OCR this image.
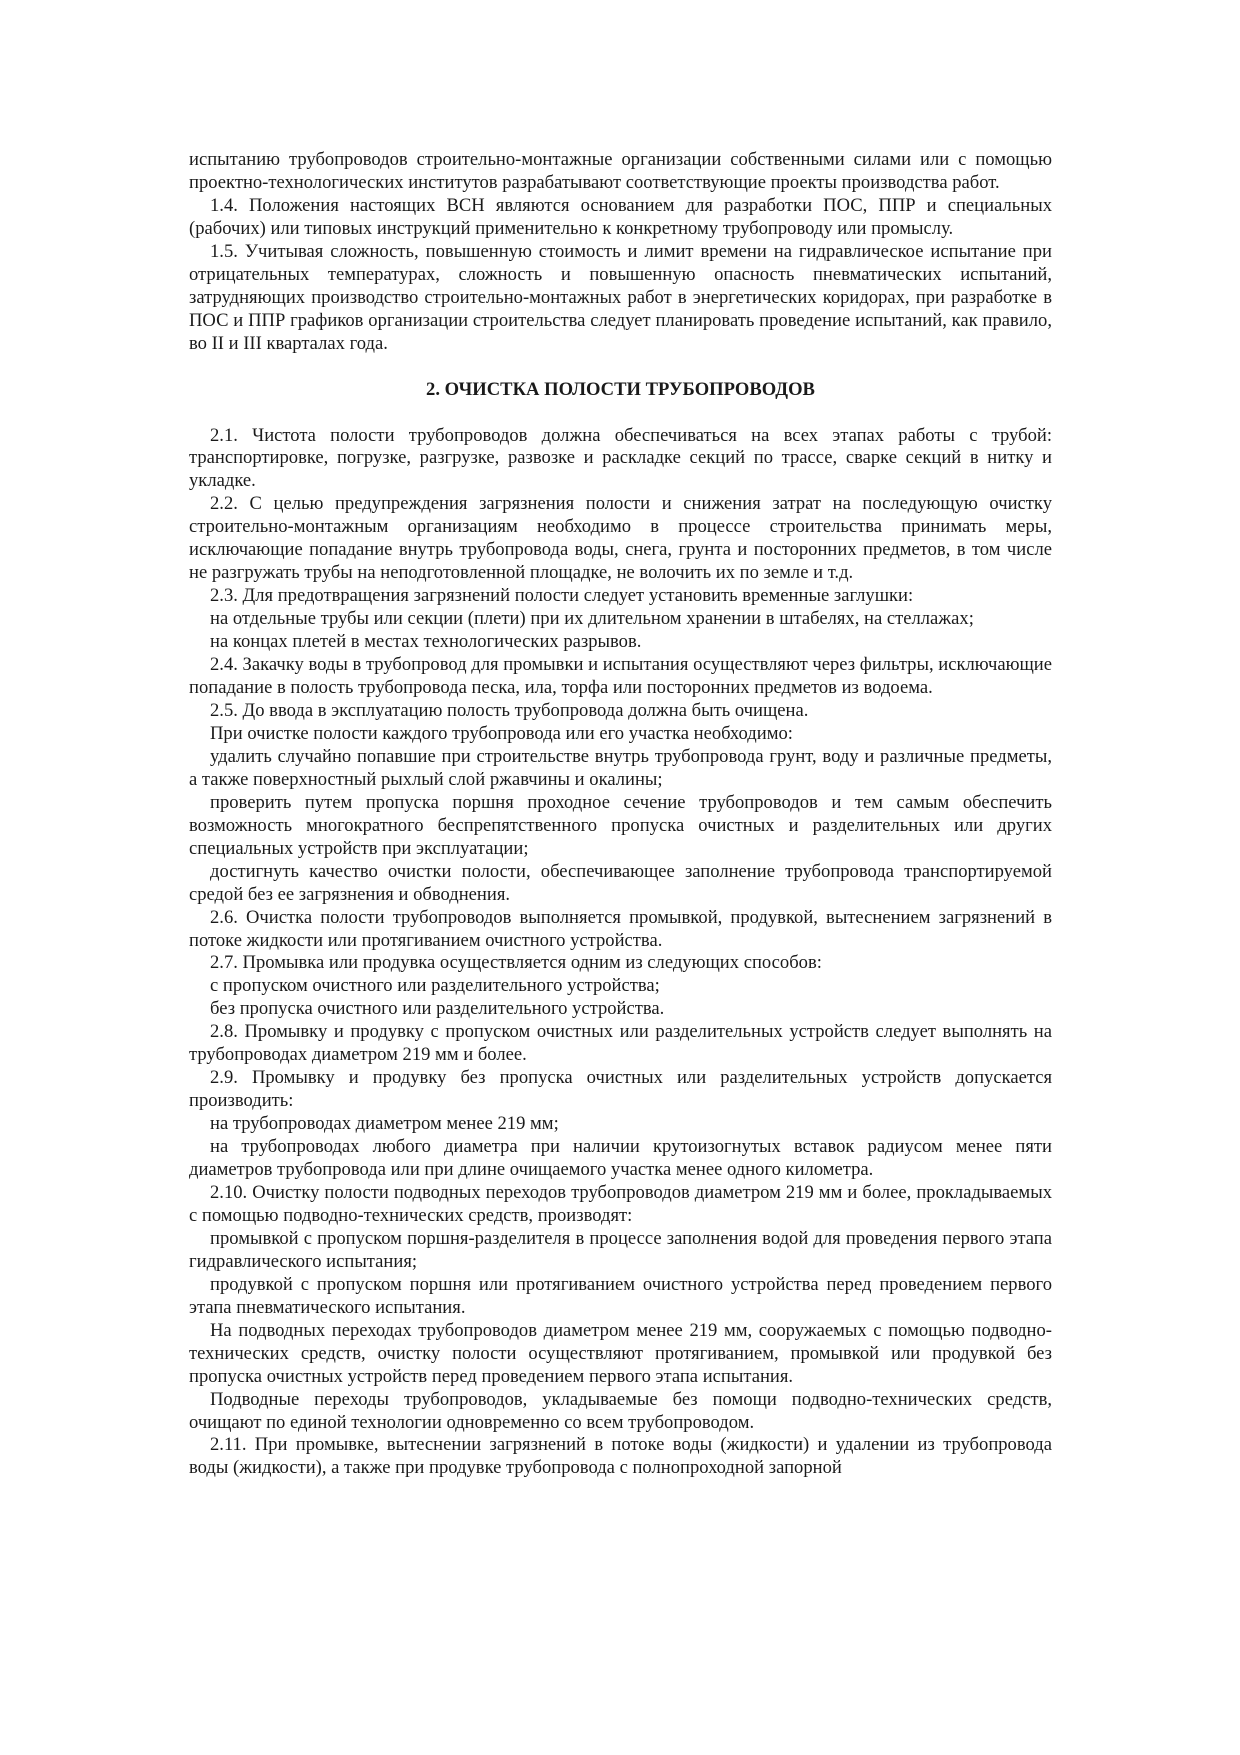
испытанию трубопроводов строительно-монтажные организации собственными силами или с помощью проектно-технологических институтов разрабатывают соответствующие проекты производства работ.

1.4. Положения настоящих ВСН являются основанием для разработки ПОС, ППР и специальных (рабочих) или типовых инструкций применительно к конкретному трубопроводу или промыслу.

1.5. Учитывая сложность, повышенную стоимость и лимит времени на гидравлическое испытание при отрицательных температурах, сложность и повышенную опасность пневматических испытаний, затрудняющих производство строительно-монтажных работ в энергетических коридорах, при разработке в ПОС и ППР графиков организации строительства следует планировать проведение испытаний, как правило, во II и III кварталах года.

2. ОЧИСТКА ПОЛОСТИ ТРУБОПРОВОДОВ

2.1. Чистота полости трубопроводов должна обеспечиваться на всех этапах работы с трубой: транспортировке, погрузке, разгрузке, развозке и раскладке секций по трассе, сварке секций в нитку и укладке.

2.2. С целью предупреждения загрязнения полости и снижения затрат на последующую очистку строительно-монтажным организациям необходимо в процессе строительства принимать меры, исключающие попадание внутрь трубопровода воды, снега, грунта и посторонних предметов, в том числе не разгружать трубы на неподготовленной площадке, не волочить их по земле и т.д.

2.3. Для предотвращения загрязнений полости следует установить временные заглушки:

на отдельные трубы или секции (плети) при их длительном хранении в штабелях, на стеллажах;

на концах плетей в местах технологических разрывов.

2.4. Закачку воды в трубопровод для промывки и испытания осуществляют через фильтры, исключающие попадание в полость трубопровода песка, ила, торфа или посторонних предметов из водоема.

2.5. До ввода в эксплуатацию полость трубопровода должна быть очищена.

При очистке полости каждого трубопровода или его участка необходимо:

удалить случайно попавшие при строительстве внутрь трубопровода грунт, воду и различные предметы, а также поверхностный рыхлый слой ржавчины и окалины;

проверить путем пропуска поршня проходное сечение трубопроводов и тем самым обеспечить возможность многократного беспрепятственного пропуска очистных и разделительных или других специальных устройств при эксплуатации;

достигнуть качество очистки полости, обеспечивающее заполнение трубопровода транспортируемой средой без ее загрязнения и обводнения.

2.6. Очистка полости трубопроводов выполняется промывкой, продувкой, вытеснением загрязнений в потоке жидкости или протягиванием очистного устройства.

2.7. Промывка или продувка осуществляется одним из следующих способов:

с пропуском очистного или разделительного устройства;

без пропуска очистного или разделительного устройства.

2.8. Промывку и продувку с пропуском очистных или разделительных устройств следует выполнять на трубопроводах диаметром 219 мм и более.

2.9. Промывку и продувку без пропуска очистных или разделительных устройств допускается производить:

на трубопроводах диаметром менее 219 мм;

на трубопроводах любого диаметра при наличии крутоизогнутых вставок радиусом менее пяти диаметров трубопровода или при длине очищаемого участка менее одного километра.

2.10. Очистку полости подводных переходов трубопроводов диаметром 219 мм и более, прокладываемых с помощью подводно-технических средств, производят:

промывкой с пропуском поршня-разделителя в процессе заполнения водой для проведения первого этапа гидравлического испытания;

продувкой с пропуском поршня или протягиванием очистного устройства перед проведением первого этапа пневматического испытания.

На подводных переходах трубопроводов диаметром менее 219 мм, сооружаемых с помощью подводно-технических средств, очистку полости осуществляют протягиванием, промывкой или продувкой без пропуска очистных устройств перед проведением первого этапа испытания.

Подводные переходы трубопроводов, укладываемые без помощи подводно-технических средств, очищают по единой технологии одновременно со всем трубопроводом.

2.11. При промывке, вытеснении загрязнений в потоке воды (жидкости) и удалении из трубопровода воды (жидкости), а также при продувке трубопровода с полнопроходной запорной
